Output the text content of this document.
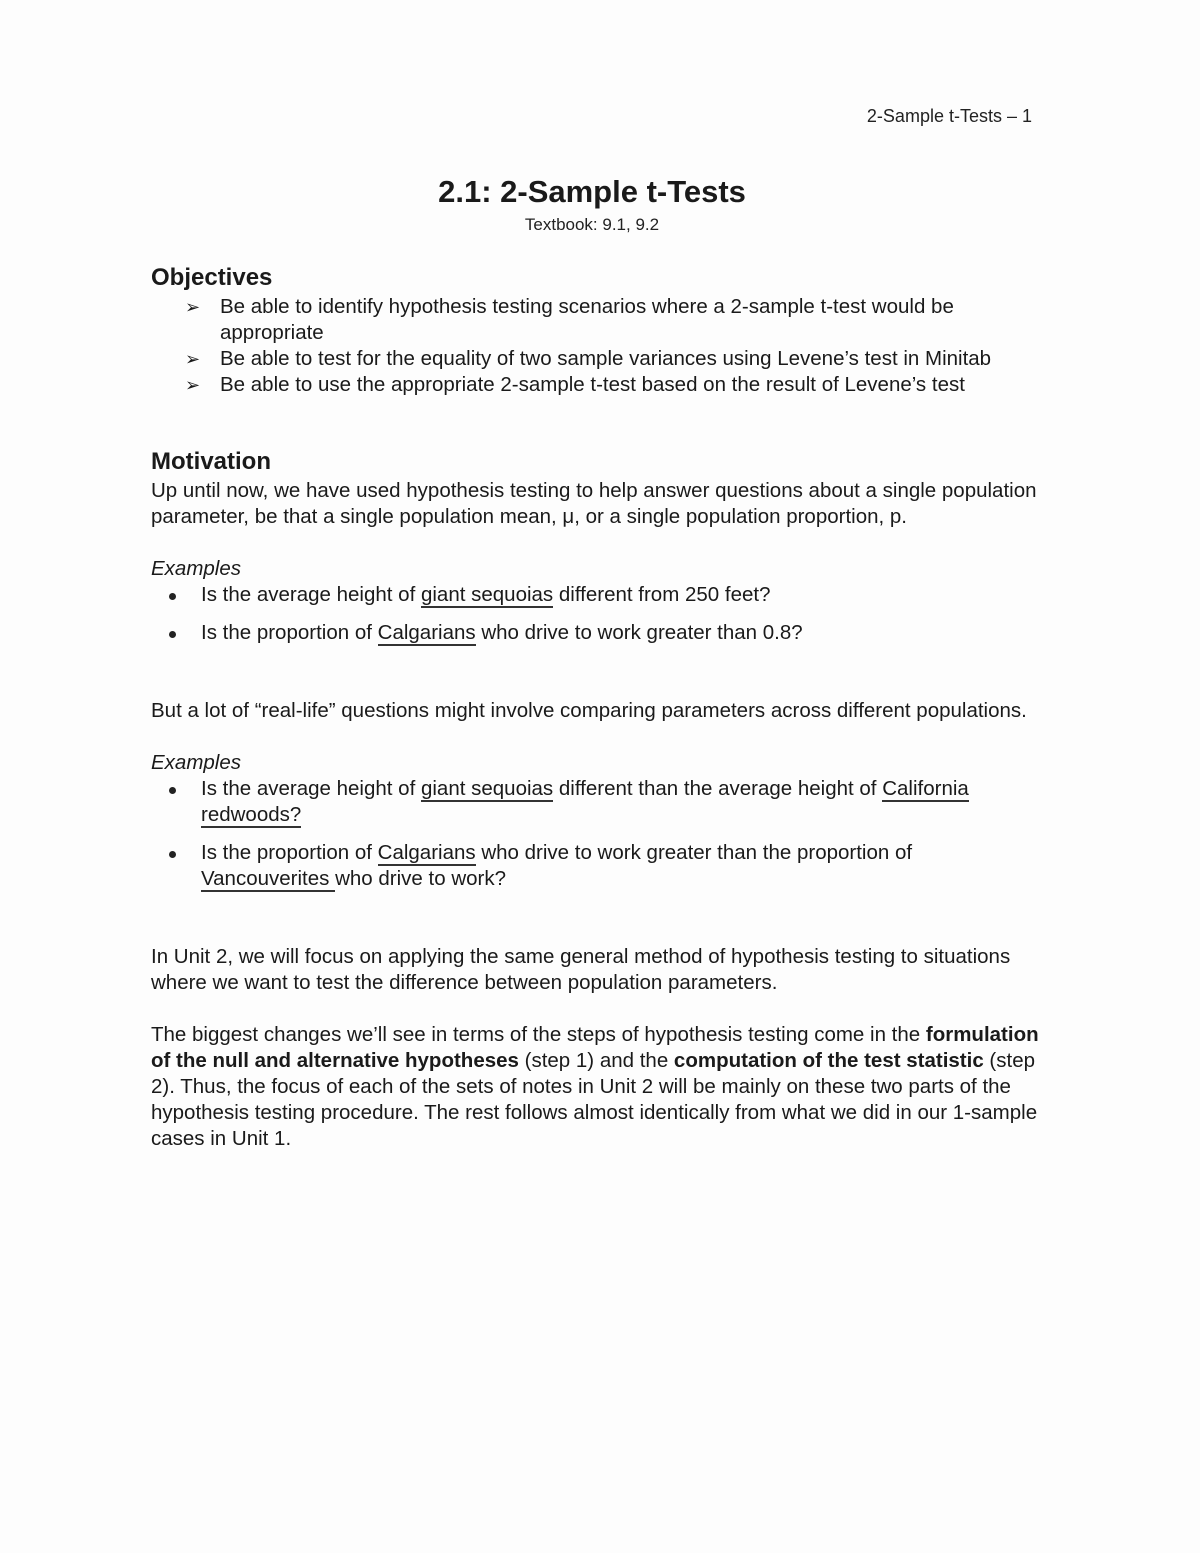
2-Sample t-Tests – 1
2.1: 2-Sample t-Tests
Textbook: 9.1, 9.2
Objectives
➢ Be able to identify hypothesis testing scenarios where a 2-sample t-test would be appropriate
➢ Be able to test for the equality of two sample variances using Levene’s test in Minitab
➢ Be able to use the appropriate 2-sample t-test based on the result of Levene’s test
Motivation

Up until now, we have used hypothesis testing to help answer questions about a single population parameter, be that a single population mean, μ, or a single population proportion, p.

Examples

Is the average height of giant sequoias different from 250 feet?
Is the proportion of Calgarians who drive to work greater than 0.8?

But a lot of “real-life” questions might involve comparing parameters across different populations.

Examples

Is the average height of giant sequoias different than the average height of California redwoods?
Is the proportion of Calgarians who drive to work greater than the proportion of Vancouverites who drive to work?

In Unit 2, we will focus on applying the same general method of hypothesis testing to situations where we want to test the difference between population parameters.

The biggest changes we’ll see in terms of the steps of hypothesis testing come in the formulation of the null and alternative hypotheses (step 1) and the computation of the test statistic (step 2). Thus, the focus of each of the sets of notes in Unit 2 will be mainly on these two parts of the hypothesis testing procedure. The rest follows almost identically from what we did in our 1-sample cases in Unit 1.
